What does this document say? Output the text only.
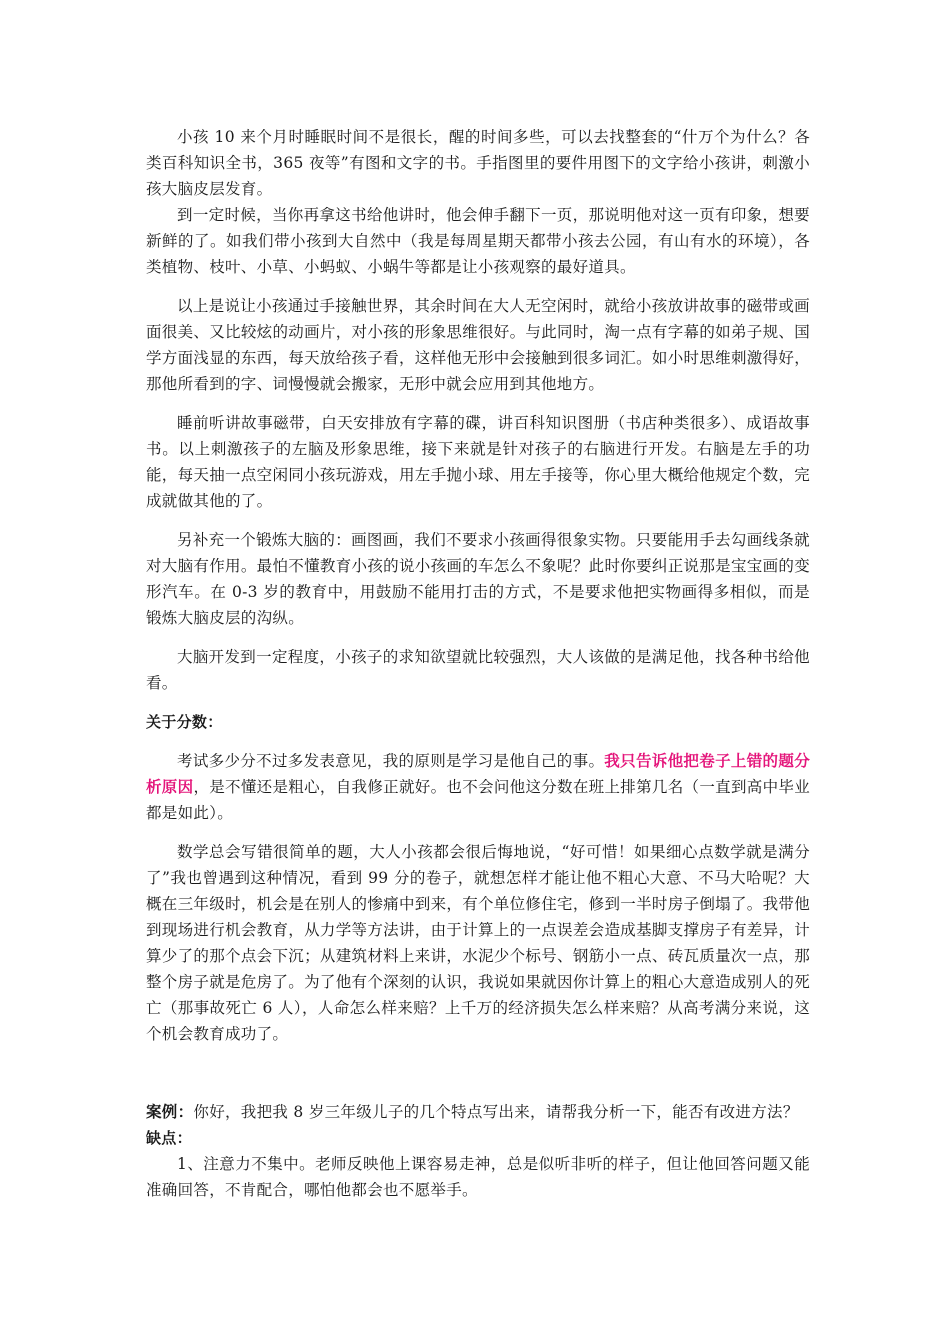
小孩 10 来个月时睡眠时间不是很长，醒的时间多些，可以去找整套的“什万个为什么？各类百科知识全书，365 夜等”有图和文字的书。手指图里的要件用图下的文字给小孩讲，刺激小孩大脑皮层发育。

到一定时候，当你再拿这书给他讲时，他会伸手翻下一页，那说明他对这一页有印象，想要新鲜的了。如我们带小孩到大自然中（我是每周星期天都带小孩去公园，有山有水的环境），各类植物、枝叶、小草、小蚂蚁、小蜗牛等都是让小孩观察的最好道具。

以上是说让小孩通过手接触世界，其余时间在大人无空闲时，就给小孩放讲故事的磁带或画面很美、又比较炫的动画片，对小孩的形象思维很好。与此同时，淘一点有字幕的如弟子规、国学方面浅显的东西，每天放给孩子看，这样他无形中会接触到很多词汇。如小时思维刺激得好，那他所看到的字、词慢慢就会搬家，无形中就会应用到其他地方。

睡前听讲故事磁带，白天安排放有字幕的碟，讲百科知识图册（书店种类很多）、成语故事书。以上刺激孩子的左脑及形象思维，接下来就是针对孩子的右脑进行开发。右脑是左手的功能，每天抽一点空闲同小孩玩游戏，用左手抛小球、用左手接等，你心里大概给他规定个数，完成就做其他的了。

另补充一个锻炼大脑的：画图画，我们不要求小孩画得很象实物。只要能用手去勾画线条就对大脑有作用。最怕不懂教育小孩的说小孩画的车怎么不象呢？此时你要纠正说那是宝宝画的变形汽车。在 0-3 岁的教育中，用鼓励不能用打击的方式，不是要求他把实物画得多相似，而是锻炼大脑皮层的沟纵。

大脑开发到一定程度，小孩子的求知欲望就比较强烈，大人该做的是满足他，找各种书给他看。

关于分数：

考试多少分不过多发表意见，我的原则是学习是他自己的事。我只告诉他把卷子上错的题分析原因，是不懂还是粗心，自我修正就好。也不会问他这分数在班上排第几名（一直到高中毕业都是如此）。

数学总会写错很简单的题，大人小孩都会很后悔地说，“好可惜！如果细心点数学就是满分了”我也曾遇到这种情况，看到 99 分的卷子，就想怎样才能让他不粗心大意、不马大哈呢？大概在三年级时，机会是在别人的惨痛中到来，有个单位修住宅，修到一半时房子倒塌了。我带他到现场进行机会教育，从力学等方法讲，由于计算上的一点误差会造成基脚支撑房子有差异，计算少了的那个点会下沉；从建筑材料上来讲，水泥少个标号、钢筋小一点、砖瓦质量次一点，那整个房子就是危房了。为了他有个深刻的认识，我说如果就因你计算上的粗心大意造成别人的死亡（那事故死亡 6 人），人命怎么样来赔？上千万的经济损失怎么样来赔？从高考满分来说，这个机会教育成功了。

案例：你好，我把我 8 岁三年级儿子的几个特点写出来，请帮我分析一下，能否有改进方法？

缺点：

1、注意力不集中。老师反映他上课容易走神，总是似听非听的样子，但让他回答问题又能准确回答，不肯配合，哪怕他都会也不愿举手。
